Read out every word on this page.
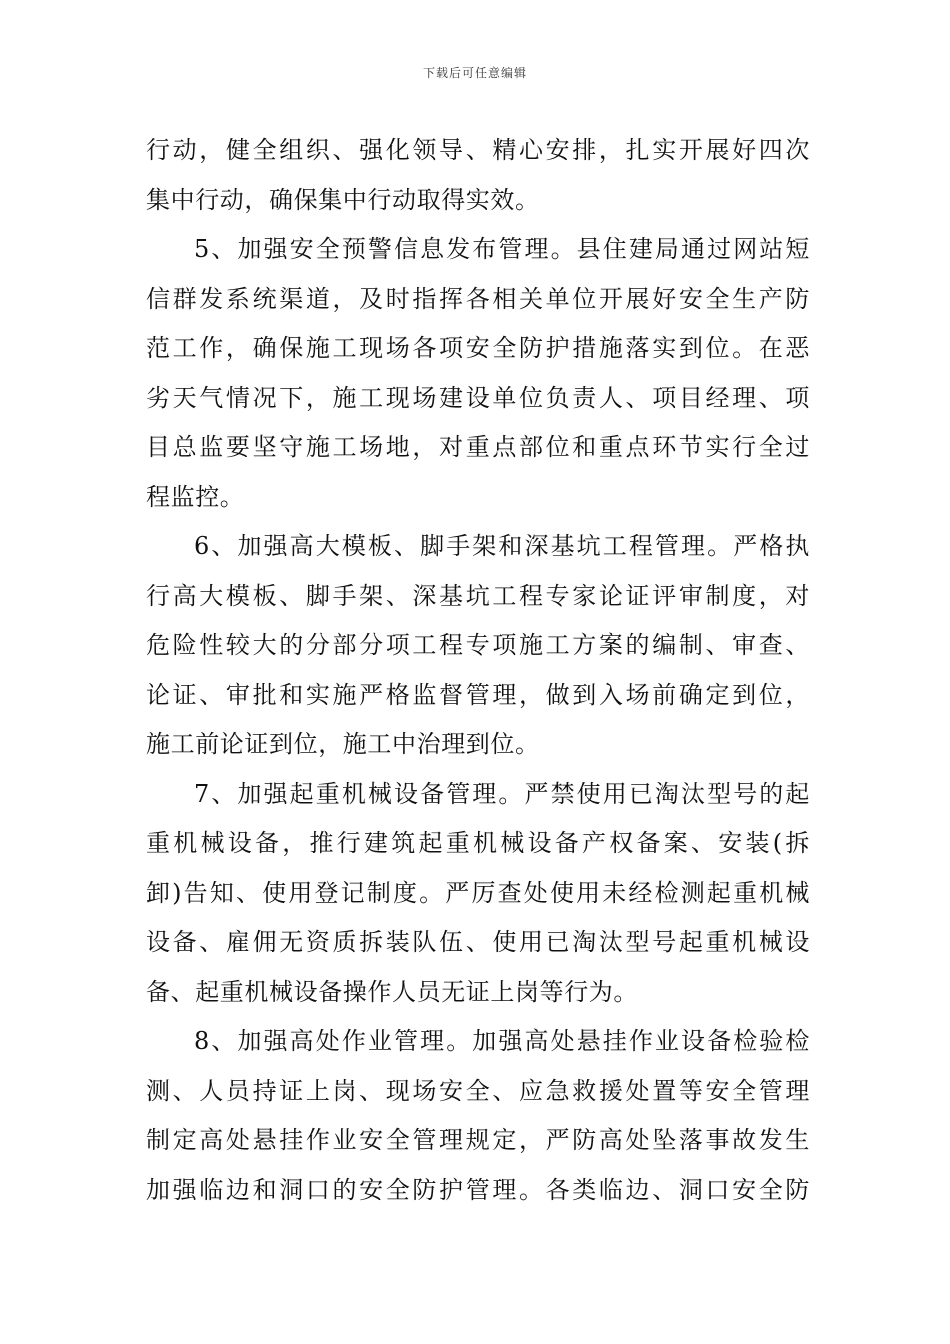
下载后可任意编辑
行动，健全组织、强化领导、精心安排，扎实开展好四次
集中行动，确保集中行动取得实效。
5、加强安全预警信息发布管理。县住建局通过网站短
信群发系统渠道，及时指挥各相关单位开展好安全生产防
范工作，确保施工现场各项安全防护措施落实到位。在恶
劣天气情况下，施工现场建设单位负责人、项目经理、项
目总监要坚守施工场地，对重点部位和重点环节实行全过
程监控。
6、加强高大模板、脚手架和深基坑工程管理。严格执
行高大模板、脚手架、深基坑工程专家论证评审制度，对
危险性较大的分部分项工程专项施工方案的编制、审查、
论证、审批和实施严格监督管理，做到入场前确定到位，
施工前论证到位，施工中治理到位。
7、加强起重机械设备管理。严禁使用已淘汰型号的起
重机械设备，推行建筑起重机械设备产权备案、安装(拆
卸)告知、使用登记制度。严厉查处使用未经检测起重机械
设备、雇佣无资质拆装队伍、使用已淘汰型号起重机械设
备、起重机械设备操作人员无证上岗等行为。
8、加强高处作业管理。加强高处悬挂作业设备检验检
测、人员持证上岗、现场安全、应急救援处置等安全管理
制定高处悬挂作业安全管理规定，严防高处坠落事故发生
加强临边和洞口的安全防护管理。各类临边、洞口安全防
